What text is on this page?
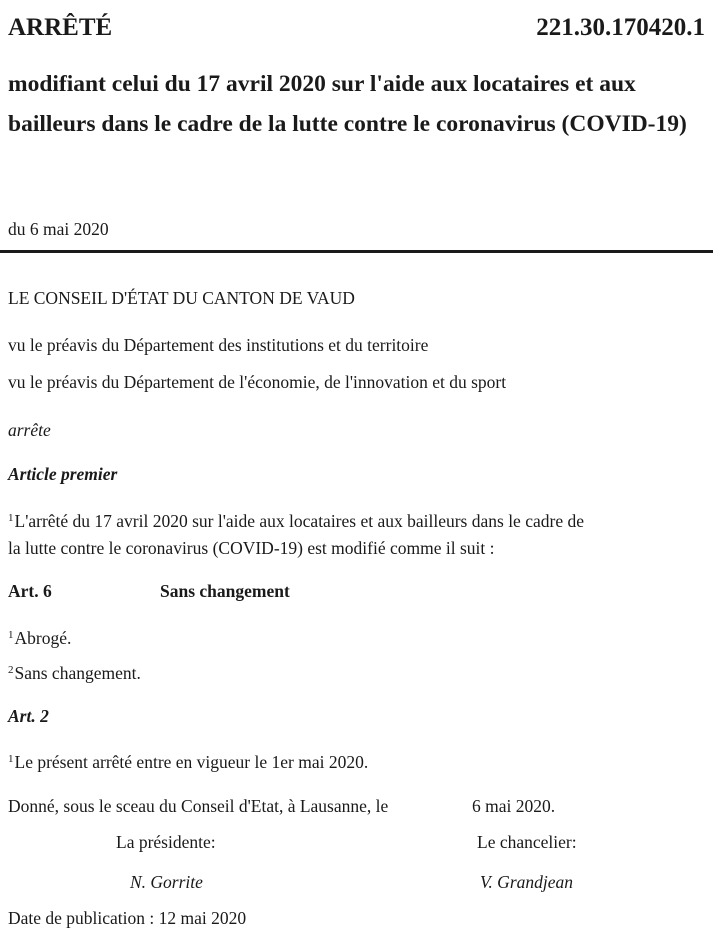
ARRÊTÉ	221.30.170420.1
modifiant celui du 17 avril 2020 sur l'aide aux locataires et aux bailleurs dans le cadre de la lutte contre le coronavirus (COVID-19)
du 6 mai 2020
LE CONSEIL D'ÉTAT DU CANTON DE VAUD
vu le préavis du Département des institutions et du territoire
vu le préavis du Département de l'économie, de l'innovation et du sport
arrête
Article premier
$^1$L'arrêté du 17 avril 2020 sur l'aide aux locataires et aux bailleurs dans le cadre de
la lutte contre le coronavirus (COVID-19) est modifié comme il suit :
Art. 6	Sans changement
$^1$Abrogé.
$^2$Sans changement.
Art. 2
$^1$Le présent arrêté entre en vigueur le 1er mai 2020.
Donné, sous le sceau du Conseil d'Etat, à Lausanne, le	6 mai 2020.
La présidente:	Le chancelier:
N. Gorrite	V. Grandjean
Date de publication : 12 mai 2020
